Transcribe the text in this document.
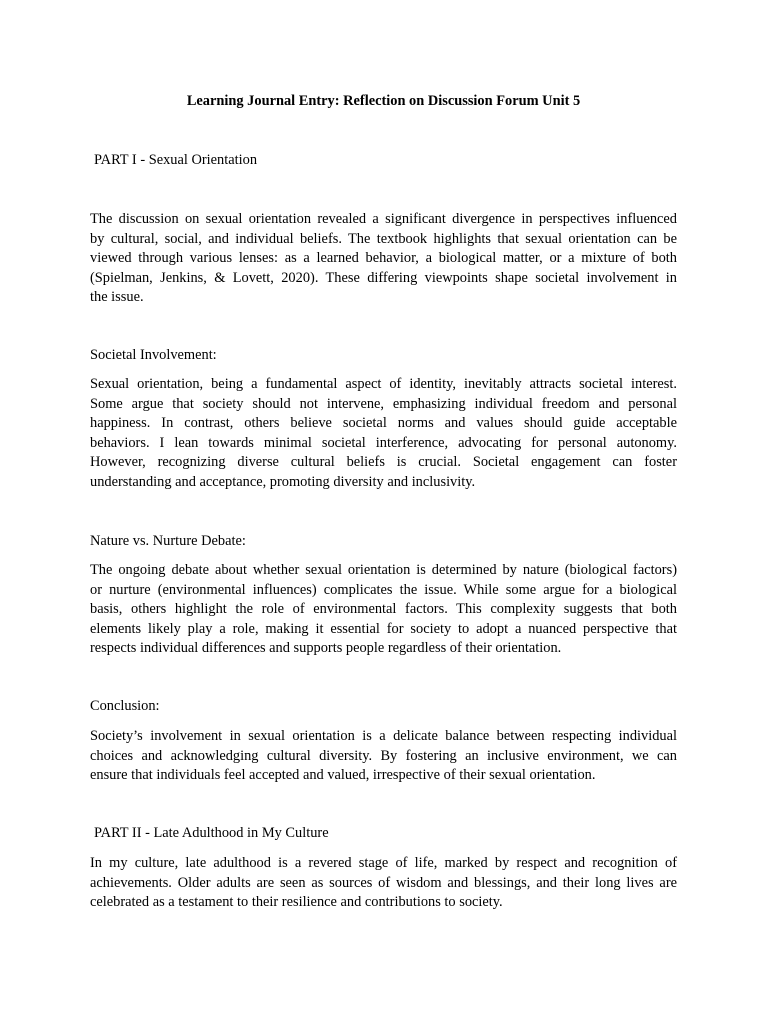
Learning Journal Entry: Reflection on Discussion Forum Unit 5
PART I - Sexual Orientation
The discussion on sexual orientation revealed a significant divergence in perspectives influenced
by cultural, social, and individual beliefs. The textbook highlights that sexual orientation can be
viewed through various lenses: as a learned behavior, a biological matter, or a mixture of both
(Spielman, Jenkins, & Lovett, 2020). These differing viewpoints shape societal involvement in
the issue.
Societal Involvement:
Sexual orientation, being a fundamental aspect of identity, inevitably attracts societal interest.
Some argue that society should not intervene, emphasizing individual freedom and personal
happiness. In contrast, others believe societal norms and values should guide acceptable
behaviors. I lean towards minimal societal interference, advocating for personal autonomy.
However, recognizing diverse cultural beliefs is crucial. Societal engagement can foster
understanding and acceptance, promoting diversity and inclusivity.
Nature vs. Nurture Debate:
The ongoing debate about whether sexual orientation is determined by nature (biological factors)
or nurture (environmental influences) complicates the issue. While some argue for a biological
basis, others highlight the role of environmental factors. This complexity suggests that both
elements likely play a role, making it essential for society to adopt a nuanced perspective that
respects individual differences and supports people regardless of their orientation.
Conclusion:
Society’s involvement in sexual orientation is a delicate balance between respecting individual
choices and acknowledging cultural diversity. By fostering an inclusive environment, we can
ensure that individuals feel accepted and valued, irrespective of their sexual orientation.
PART II - Late Adulthood in My Culture
In my culture, late adulthood is a revered stage of life, marked by respect and recognition of
achievements. Older adults are seen as sources of wisdom and blessings, and their long lives are
celebrated as a testament to their resilience and contributions to society.
